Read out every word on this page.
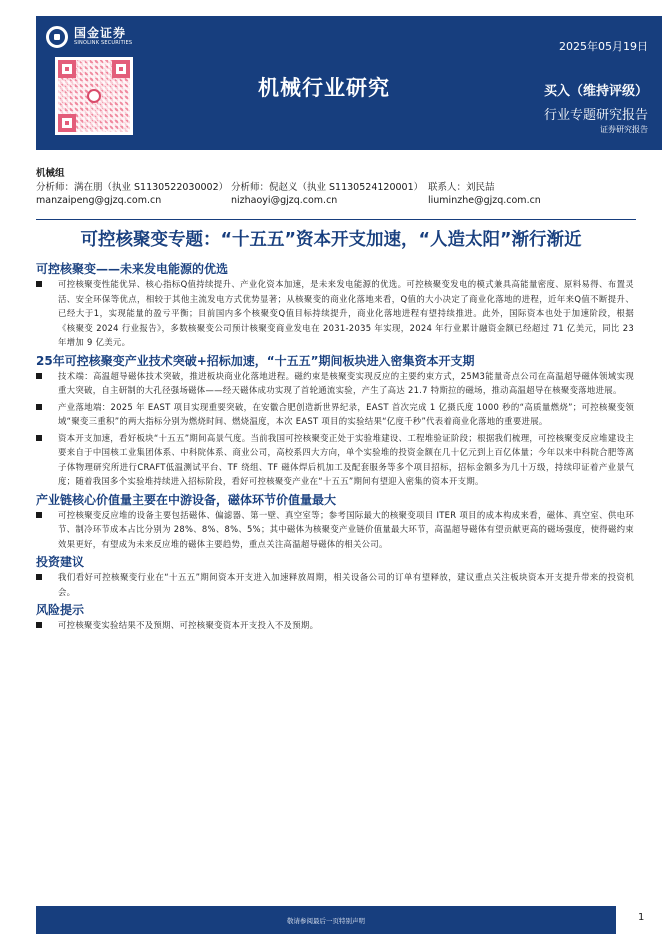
国金证券
SINOLINK SECURITIES	2025年05月19日
机械行业研究	买入（维持评级）
行业专题研究报告
证券研究报告
机械组
分析师：满在朋（执业 S1130522030002） 分析师：倪赵义（执业 S1130524120001） 联系人：刘民喆
manzaipeng@gjzq.com.cn	nizhaoyi@gjzq.com.cn	liuminzhe@gjzq.com.cn
可控核聚变专题：“十五五”资本开支加速，“人造太阳”渐行渐近
可控核聚变——未来发电能源的优选
可控核聚变性能优异、核心指标Q值持续提升、产业化资本加速，是未来发电能源的优选。可控核聚变发电的模式兼具高能量密度、原料易得、布置灵活、安全环保等优点，相较于其他主流发电方式优势显著；从核聚变的商业化落地来看，Q值的大小决定了商业化落地的进程，近年来Q值不断提升、已经大于1，实现能量的盈亏平衡；目前国内多个核聚变Q值目标持续提升，商业化落地进程有望持续推进。此外，国际资本也处于加速阶段，根据《核聚变 2024 行业报告》，多数核聚变公司预计核聚变商业发电在 2031-2035 年实现，2024 年行业累计融资金额已经超过 71 亿美元，同比 23 年增加 9 亿美元。
25年可控核聚变产业技术突破+招标加速，“十五五”期间板块进入密集资本开支期
技术端：高温超导磁体技术突破，推进板块商业化落地进程。磁约束是核聚变实现反应的主要约束方式，25M3能量奇点公司在高温超导磁体领域实现重大突破，自主研制的大孔径强场磁体——经天磁体成功实现了首轮通流实验，产生了高达 21.7 特斯拉的磁场，推动高温超导在核聚变落地进展。
产业落地端：2025 年 EAST 项目实现重要突破，在安徽合肥创造新世界纪录，EAST 首次完成 1 亿摄氏度 1000 秒的“高质量燃烧”；可控核聚变领域“聚变三重积”的两大指标分别为燃烧时间、燃烧温度，本次 EAST 项目的实验结果“亿度千秒”代表着商业化落地的重要进展。
资本开支加速，看好板块“十五五”期间高景气度。当前我国可控核聚变正处于实验堆建设、工程堆验证阶段；根据我们梳理，可控核聚变反应堆建设主要来自于中国核工业集团体系、中科院体系、商业公司，高校系四大方向，单个实验堆的投资金额在几十亿元到上百亿体量；今年以来中科院合肥等离子体物理研究所进行CRAFT低温测试平台、TF 绕组、TF 磁体焊后机加工及配套服务等多个项目招标，招标金额多为几十万级，持续印证着产业景气度；随着我国多个实验堆持续进入招标阶段，看好可控核聚变产业在“十五五”期间有望迎入密集的资本开支期。
产业链核心价值量主要在中游设备，磁体环节价值量最大
可控核聚变反应堆的设备主要包括磁体、偏滤器、第一壁、真空室等；参考国际最大的核聚变项目 ITER 项目的成本构成来看，磁体、真空室、供电环节、制冷环节成本占比分别为 28%、8%、8%、5%；其中磁体为核聚变产业链价值量最大环节，高温超导磁体有望贡献更高的磁场强度，使得磁约束效果更好，有望成为未来反应堆的磁体主要趋势，重点关注高温超导磁体的相关公司。
投资建议
我们看好可控核聚变行业在“十五五”期间资本开支进入加速释放周期，相关设备公司的订单有望释放，建议重点关注板块资本开支提升带来的投资机会。
风险提示
可控核聚变实验结果不及预期、可控核聚变资本开支投入不及预期。
敬请参阅最后一页特别声明	1
